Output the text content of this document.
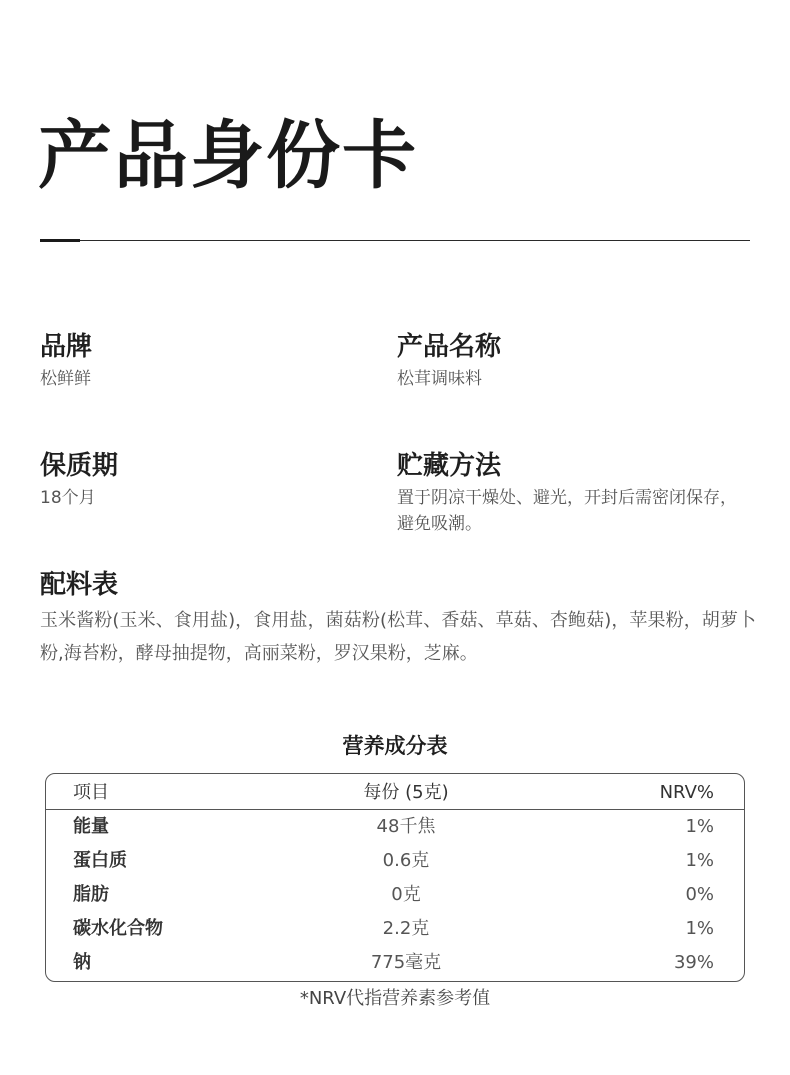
产品身份卡
品牌
松鲜鲜
产品名称
松茸调味料
保质期
18个月
贮藏方法
置于阴凉干燥处、避光，开封后需密闭保存，避免吸潮。
配料表
玉米酱粉(玉米、食用盐)，食用盐，菌菇粉(松茸、香菇、草菇、杏鲍菇)，苹果粉，胡萝卜粉,海苔粉，酵母抽提物，高丽菜粉，罗汉果粉，芝麻。
营养成分表
项目	每份 (5克)	NRV%
能量	48千焦	1%
蛋白质	0.6克	1%
脂肪	0克	0%
碳水化合物	2.2克	1%
钠	775毫克	39%
*NRV代指营养素参考值
